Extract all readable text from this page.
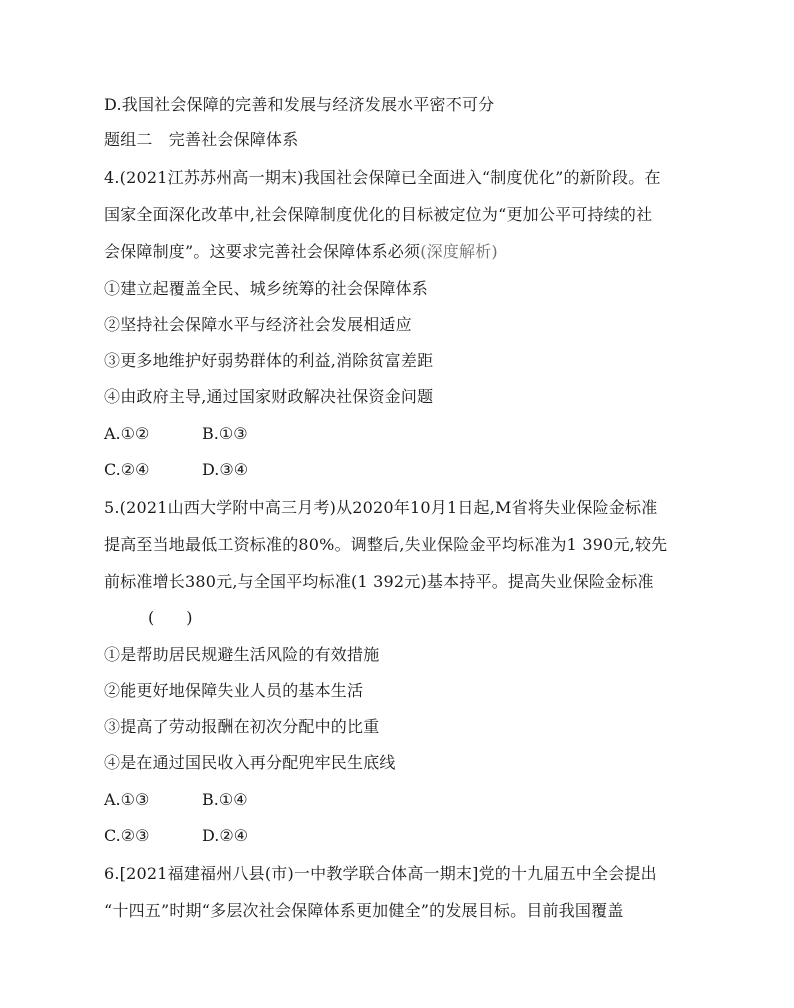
D.我国社会保障的完善和发展与经济发展水平密不可分
题组二　完善社会保障体系
4.(2021江苏苏州高一期末)我国社会保障已全面进入“制度优化”的新阶段。在
国家全面深化改革中,社会保障制度优化的目标被定位为“更加公平可持续的社
会保障制度”。这要求完善社会保障体系必须(深度解析)
①建立起覆盖全民、城乡统筹的社会保障体系
②坚持社会保障水平与经济社会发展相适应
③更多地维护好弱势群体的利益,消除贫富差距
④由政府主导,通过国家财政解决社保资金问题
A.①②	B.①③
C.②④	D.③④
5.(2021山西大学附中高三月考)从2020年10月1日起,M省将失业保险金标准
提高至当地最低工资标准的80%。调整后,失业保险金平均标准为1 390元,较先
前标准增长380元,与全国平均标准(1 392元)基本持平。提高失业保险金标准
(　　)
①是帮助居民规避生活风险的有效措施
②能更好地保障失业人员的基本生活
③提高了劳动报酬在初次分配中的比重
④是在通过国民收入再分配兜牢民生底线
A.①③	B.①④
C.②③	D.②④
6.[2021福建福州八县(市)一中教学联合体高一期末]党的十九届五中全会提出
“十四五”时期“多层次社会保障体系更加健全”的发展目标。目前我国覆盖
